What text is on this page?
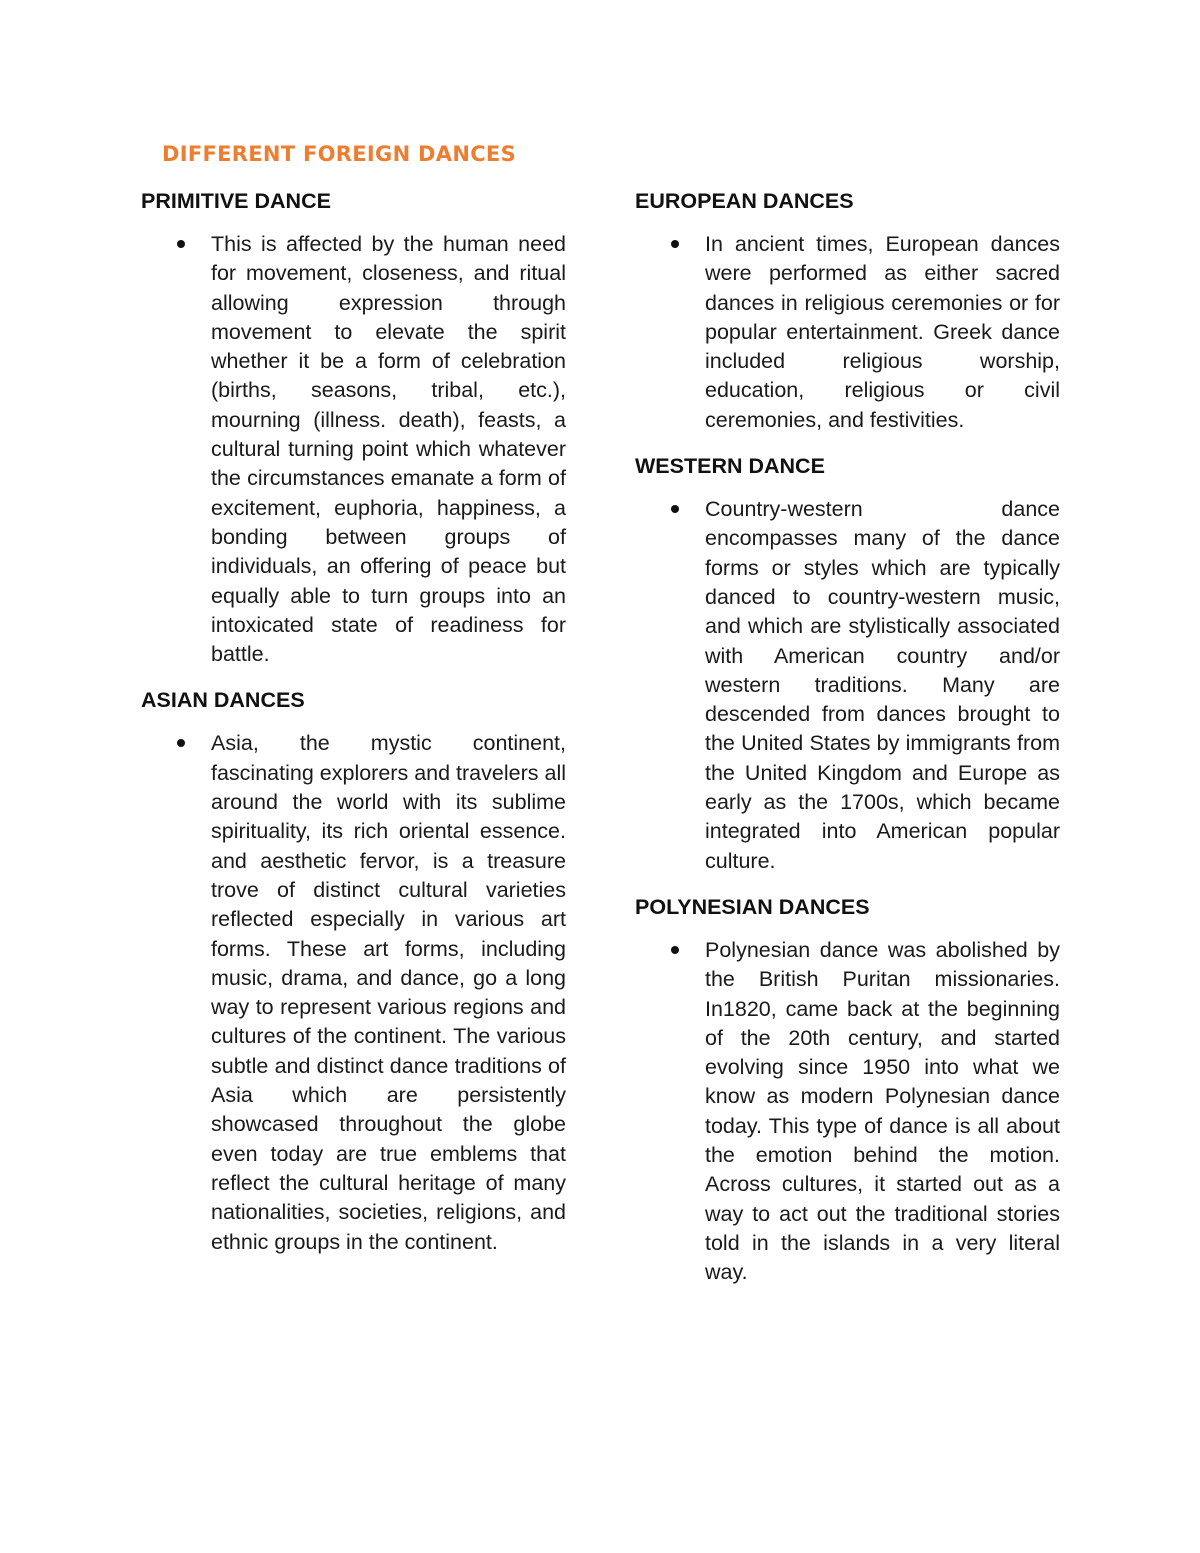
DIFFERENT FOREIGN DANCES
PRIMITIVE DANCE

This is affected by the human need for movement, closeness, and ritual allowing expression through movement to elevate the spirit whether it be a form of celebration (births, seasons, tribal, etc.), mourning (illness. death), feasts, a cultural turning point which whatever the circumstances emanate a form of excitement, euphoria, happiness, a bonding between groups of individuals, an offering of peace but equally able to turn groups into an intoxicated state of readiness for battle.

ASIAN DANCES

Asia, the mystic continent, fascinating explorers and travelers all around the world with its sublime spirituality, its rich oriental essence. and aesthetic fervor, is a treasure trove of distinct cultural varieties reflected especially in various art forms. These art forms, including music, drama, and dance, go a long way to represent various regions and cultures of the continent. The various subtle and distinct dance traditions of Asia which are persistently showcased throughout the globe even today are true emblems that reflect the cultural heritage of many nationalities, societies, religions, and ethnic groups in the continent.

EUROPEAN DANCES

In ancient times, European dances were performed as either sacred dances in religious ceremonies or for popular entertainment. Greek dance included religious worship, education, religious or civil ceremonies, and festivities.

WESTERN DANCE

Country-western dance encompasses many of the dance forms or styles which are typically danced to country-western music, and which are stylistically associated with American country and/or western traditions. Many are descended from dances brought to the United States by immigrants from the United Kingdom and Europe as early as the 1700s, which became integrated into American popular culture.

POLYNESIAN DANCES

Polynesian dance was abolished by the British Puritan missionaries. In1820, came back at the beginning of the 20th century, and started evolving since 1950 into what we know as modern Polynesian dance today. This type of dance is all about the emotion behind the motion. Across cultures, it started out as a way to act out the traditional stories told in the islands in a very literal way.
